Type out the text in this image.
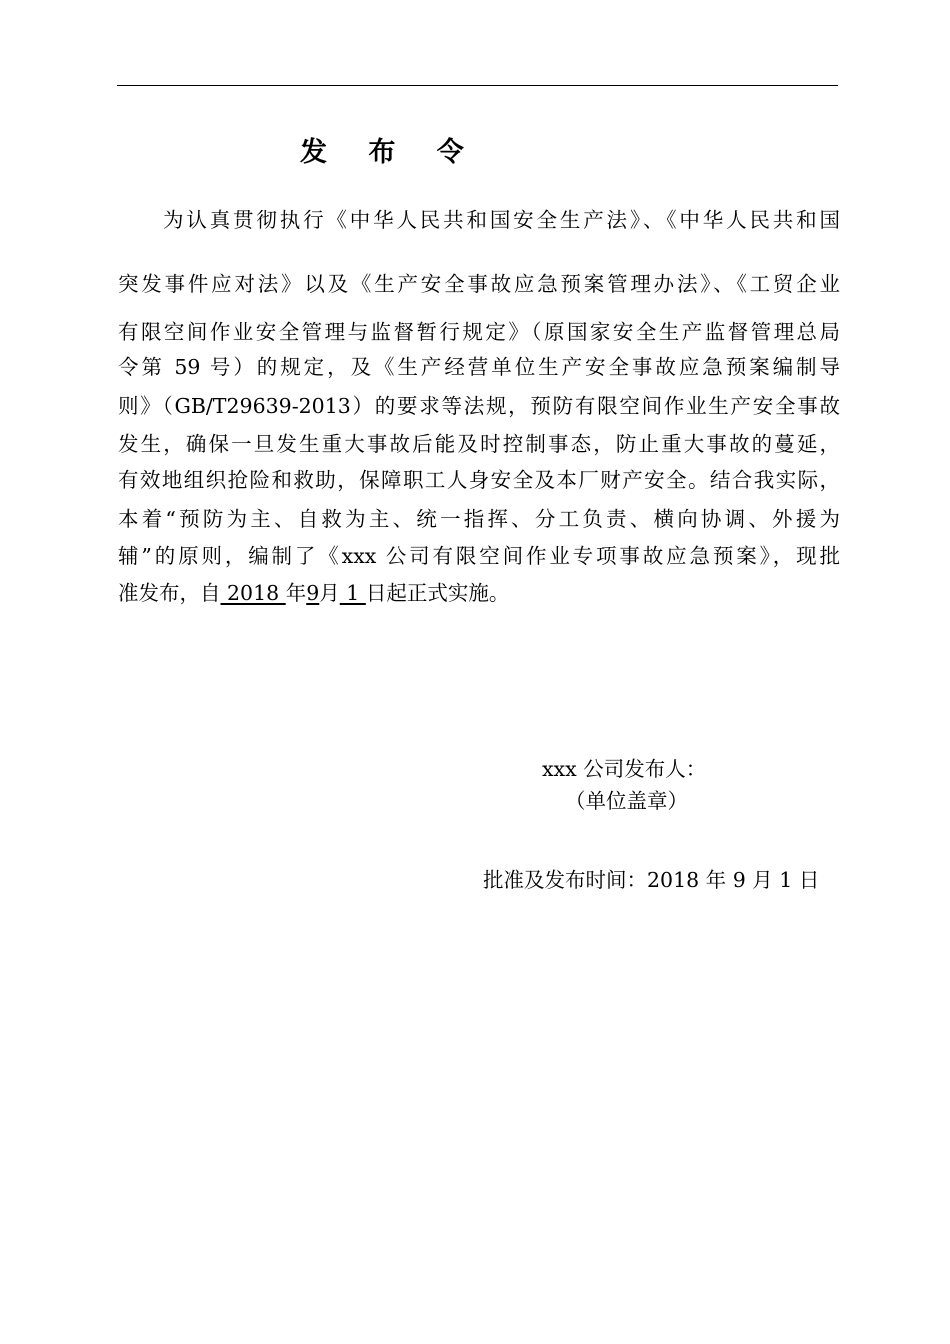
发 布 令
为认真贯彻执行《中华人民共和国安全生产法》、《中华人民共和国
突发事件应对法》以及《生产安全事故应急预案管理办法》、《工贸企业
有限空间作业安全管理与监督暂行规定》（原国家安全生产监督管理总局
令第 59 号）的规定，及《生产经营单位生产安全事故应急预案编制导
则》（GB/T29639-2013）的要求等法规，预防有限空间作业生产安全事故
发生，确保一旦发生重大事故后能及时控制事态，防止重大事故的蔓延，
有效地组织抢险和救助，保障职工人身安全及本厂财产安全。结合我实际，
本着“预防为主、自救为主、统一指挥、分工负责、横向协调、外援为
辅”的原则，编制了《xxx 公司有限空间作业专项事故应急预案》，现批
准发布，自 2018 年9月 1 日起正式实施。
xxx 公司发布人：
（单位盖章）
批准及发布时间：2018 年 9 月 1 日
